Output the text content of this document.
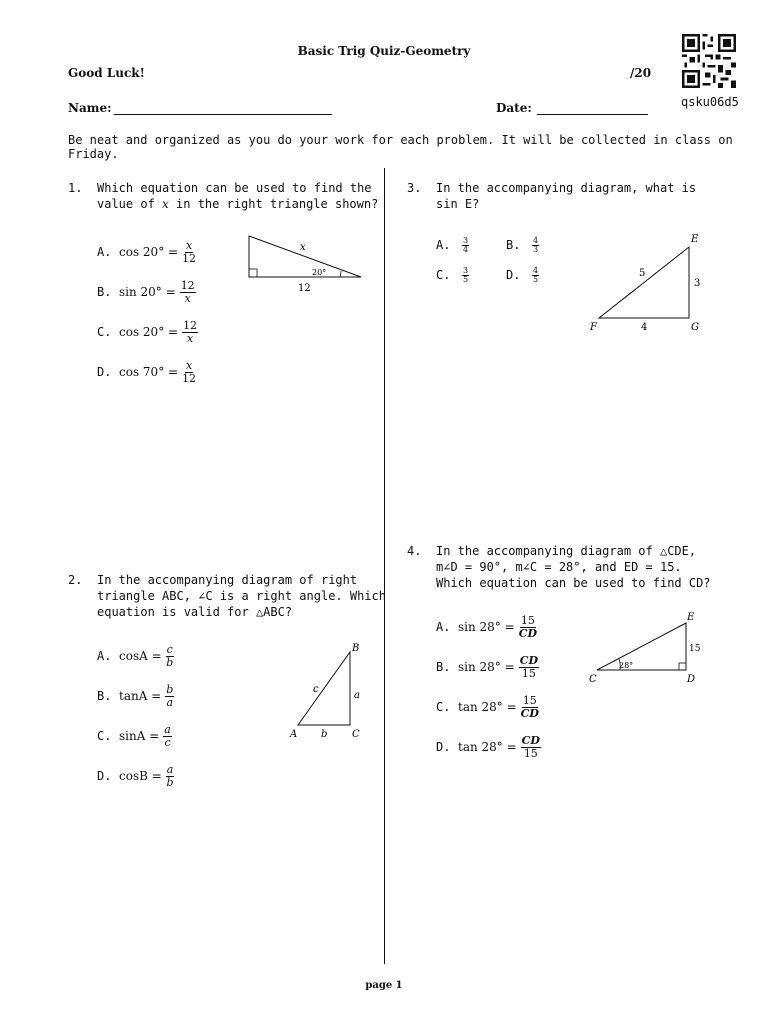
Basic Trig Quiz-Geometry
Good Luck!	/20
qsku06d5
Name:	Date:
Be neat and organized as you do your work for each problem. It will be collected in class on Friday.
1. Which equation can be used to find the
value of x in the right triangle shown?
A. $\cos 20^\circ = \frac{x}{12}$
B. $\sin 20^\circ = \frac{12}{x}$
C. $\cos 20^\circ = \frac{12}{x}$
D. $\cos 70^\circ = \frac{x}{12}$
x
20°
12
2. In the accompanying diagram of right
triangle ABC, ∠C is a right angle. Which
equation is valid for △ABC?
A. $\cos A = \frac{c}{b}$
B. $\tan A = \frac{b}{a}$
C. $\sin A = \frac{a}{c}$
D. $\cos B = \frac{a}{b}$
B
A	C
c
a
b
3. In the accompanying diagram, what is
sin E?
A.	$\frac{3}{4}$	B.	$\frac{4}{3}$
C.	$\frac{3}{5}$	D.	$\frac{4}{5}$
E
F	G
5
3
4
4. In the accompanying diagram of △CDE,
m∠D = 90°, m∠C = 28°, and ED = 15.
Which equation can be used to find CD?
A. $\sin 28^\circ = \frac{15}{CD}$
B. $\sin 28^\circ = \frac{CD}{15}$
C. $\tan 28^\circ = \frac{15}{CD}$
D. $\tan 28^\circ = \frac{CD}{15}$
E
C	D
15
28°
page 1
